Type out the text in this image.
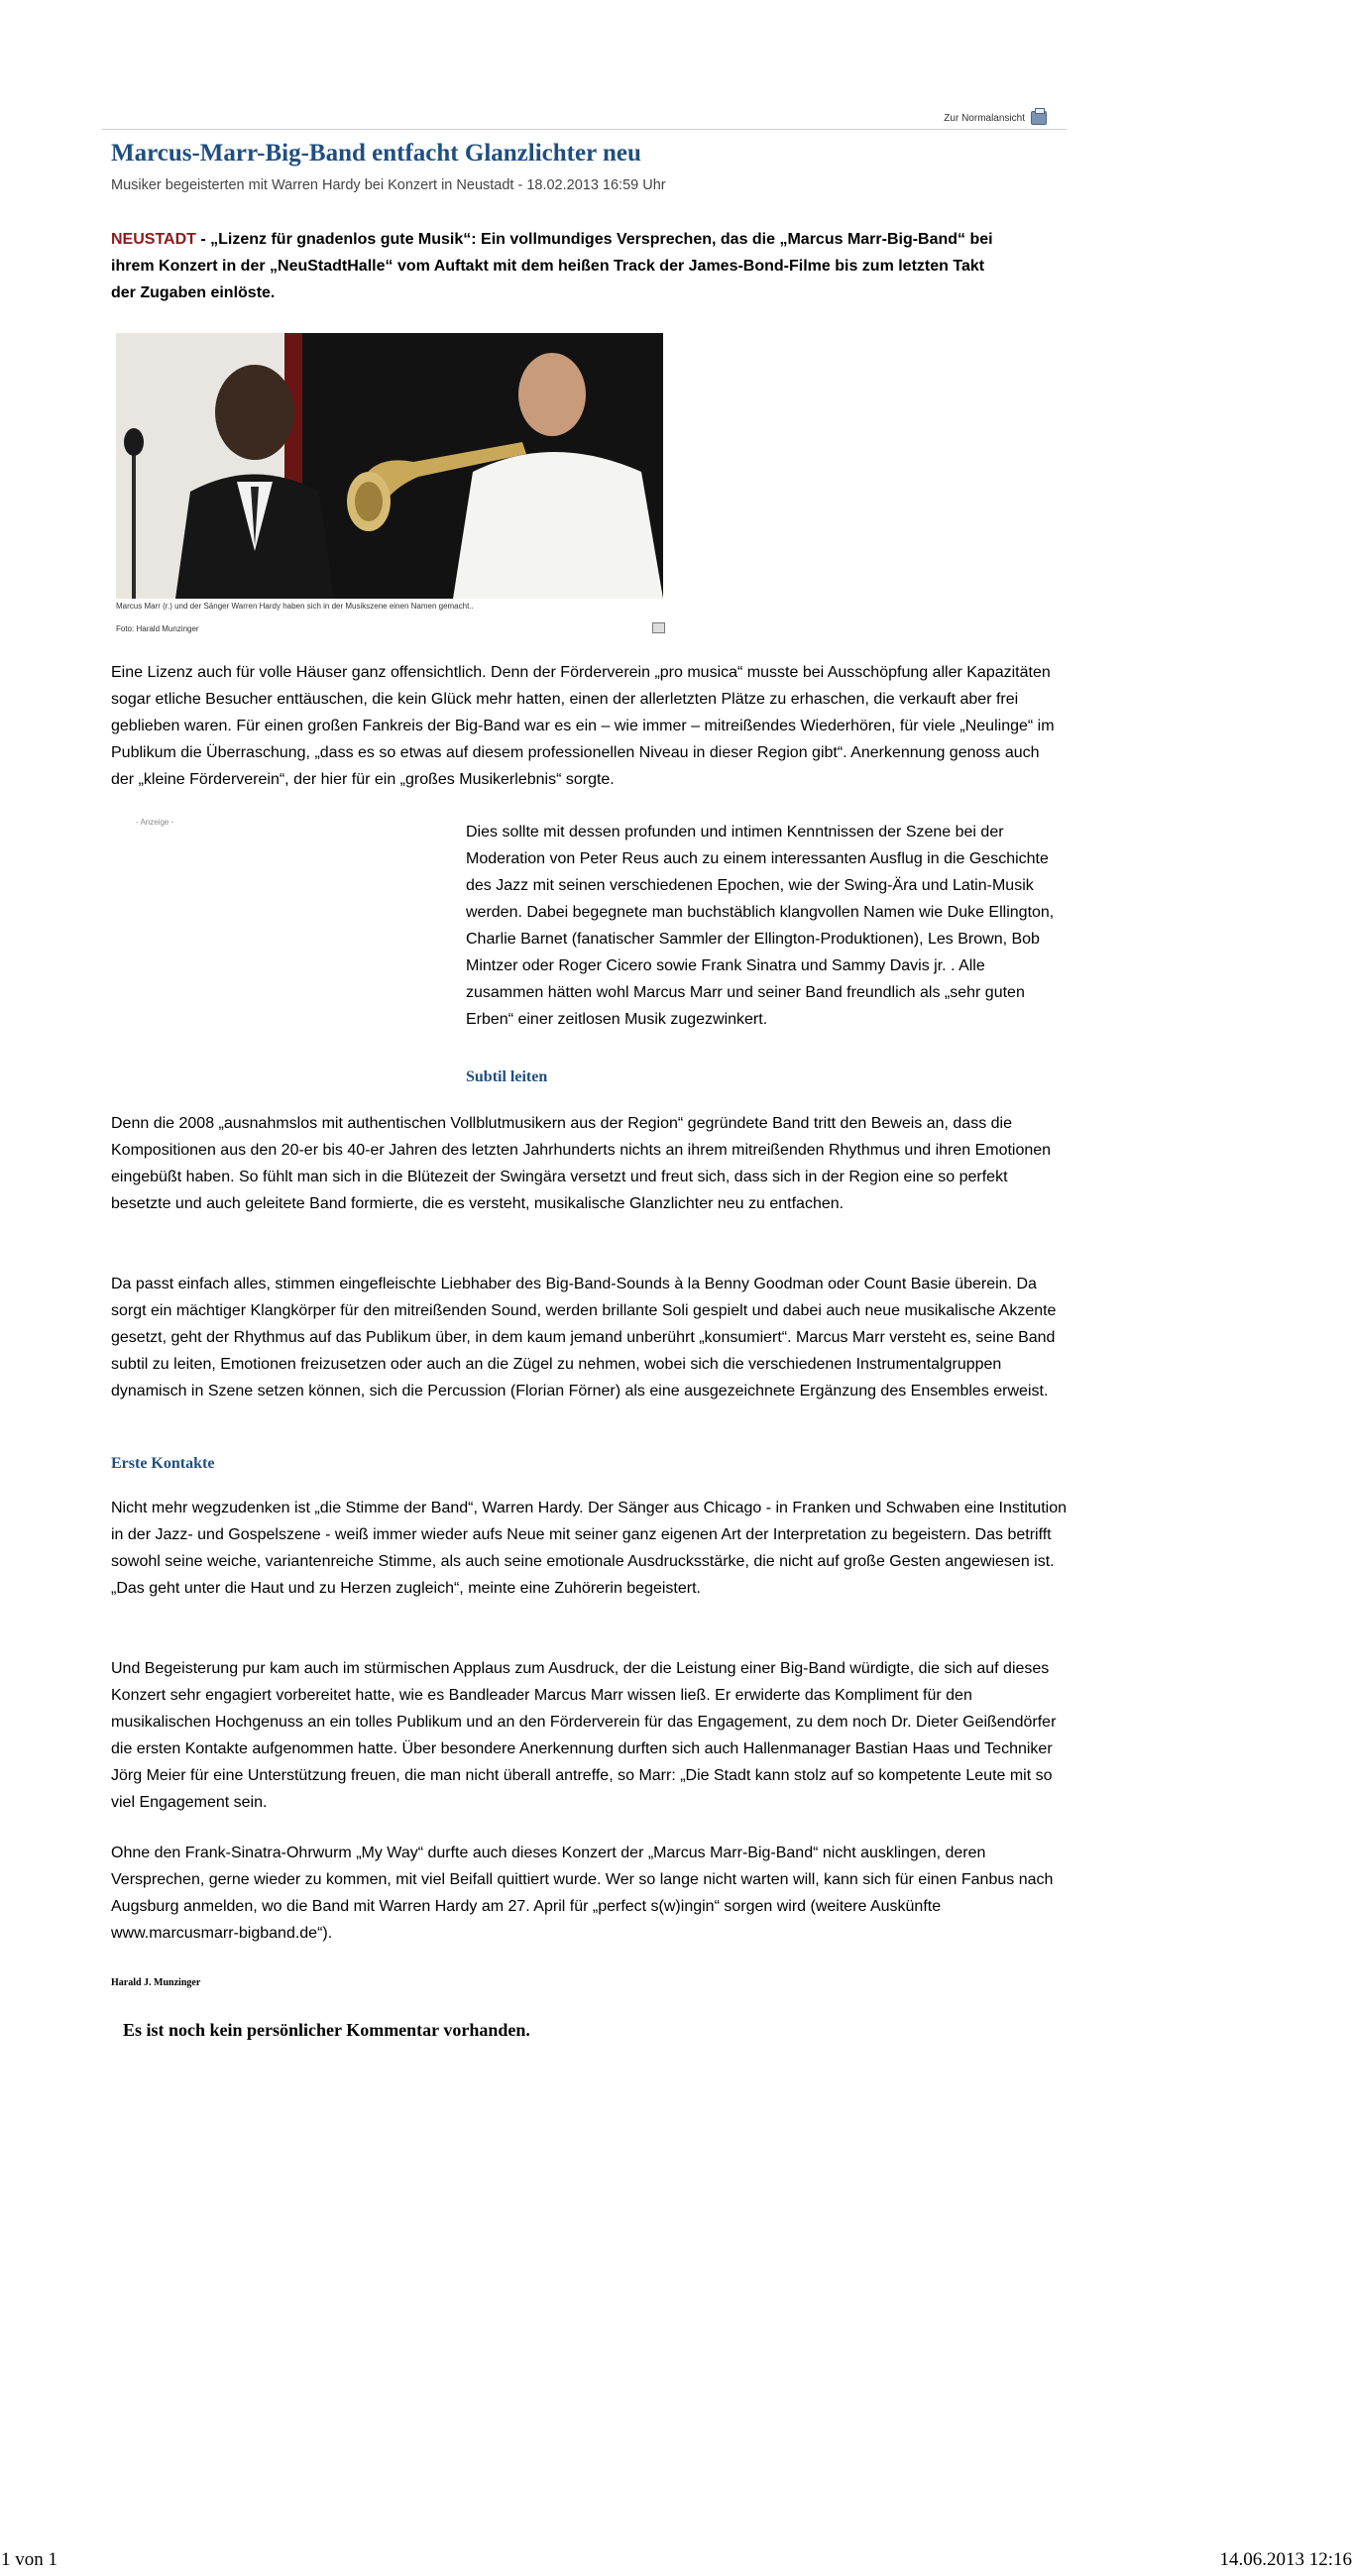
Zur Normalansicht
Marcus-Marr-Big-Band entfacht Glanzlichter neu
Musiker begeisterten mit Warren Hardy bei Konzert in Neustadt - 18.02.2013 16:59 Uhr
NEUSTADT - „Lizenz für gnadenlos gute Musik“: Ein vollmundiges Versprechen, das die „Marcus Marr-Big-Band“ bei ihrem Konzert in der „NeuStadtHalle“ vom Auftakt mit dem heißen Track der James-Bond-Filme bis zum letzten Takt der Zugaben einlöste.
Marcus Marr (r.) und der Sänger Warren Hardy haben sich in der Musikszene einen Namen gemacht..
Foto: Harald Munzinger

Eine Lizenz auch für volle Häuser ganz offensichtlich. Denn der Förderverein „pro musica“ musste bei Ausschöpfung aller Kapazitäten sogar etliche Besucher enttäuschen, die kein Glück mehr hatten, einen der allerletzten Plätze zu erhaschen, die verkauft aber frei geblieben waren. Für einen großen Fankreis der Big-Band war es ein – wie immer – mitreißendes Wiederhören, für viele „Neulinge“ im Publikum die Überraschung, „dass es so etwas auf diesem professionellen Niveau in dieser Region gibt“. Anerkennung genoss auch der „kleine Förderverein“, der hier für ein „großes Musikerlebnis“ sorgte.

- Anzeige -

Dies sollte mit dessen profunden und intimen Kenntnissen der Szene bei der Moderation von Peter Reus auch zu einem interessanten Ausflug in die Geschichte des Jazz mit seinen verschiedenen Epochen, wie der Swing-Ära und Latin-Musik werden. Dabei begegnete man buchstäblich klangvollen Namen wie Duke Ellington, Charlie Barnet (fanatischer Sammler der Ellington-Produktionen), Les Brown, Bob Mintzer oder Roger Cicero sowie Frank Sinatra und Sammy Davis jr. . Alle zusammen hätten wohl Marcus Marr und seiner Band freundlich als „sehr guten Erben“ einer zeitlosen Musik zugezwinkert.

Subtil leiten

Denn die 2008 „ausnahmslos mit authentischen Vollblutmusikern aus der Region“ gegründete Band tritt den Beweis an, dass die Kompositionen aus den 20-er bis 40-er Jahren des letzten Jahrhunderts nichts an ihrem mitreißenden Rhythmus und ihren Emotionen eingebüßt haben. So fühlt man sich in die Blütezeit der Swingära versetzt und freut sich, dass sich in der Region eine so perfekt besetzte und auch geleitete Band formierte, die es versteht, musikalische Glanzlichter neu zu entfachen.

Da passt einfach alles, stimmen eingefleischte Liebhaber des Big-Band-Sounds à la Benny Goodman oder Count Basie überein. Da sorgt ein mächtiger Klangkörper für den mitreißenden Sound, werden brillante Soli gespielt und dabei auch neue musikalische Akzente gesetzt, geht der Rhythmus auf das Publikum über, in dem kaum jemand unberührt „konsumiert“. Marcus Marr versteht es, seine Band subtil zu leiten, Emotionen freizusetzen oder auch an die Zügel zu nehmen, wobei sich die verschiedenen Instrumentalgruppen dynamisch in Szene setzen können, sich die Percussion (Florian Förner) als eine ausgezeichnete Ergänzung des Ensembles erweist.

Erste Kontakte

Nicht mehr wegzudenken ist „die Stimme der Band“, Warren Hardy. Der Sänger aus Chicago - in Franken und Schwaben eine Institution in der Jazz- und Gospelszene - weiß immer wieder aufs Neue mit seiner ganz eigenen Art der Interpretation zu begeistern. Das betrifft sowohl seine weiche, variantenreiche Stimme, als auch seine emotionale Ausdrucksstärke, die nicht auf große Gesten angewiesen ist. „Das geht unter die Haut und zu Herzen zugleich“, meinte eine Zuhörerin begeistert.

Und Begeisterung pur kam auch im stürmischen Applaus zum Ausdruck, der die Leistung einer Big-Band würdigte, die sich auf dieses Konzert sehr engagiert vorbereitet hatte, wie es Bandleader Marcus Marr wissen ließ. Er erwiderte das Kompliment für den musikalischen Hochgenuss an ein tolles Publikum und an den Förderverein für das Engagement, zu dem noch Dr. Dieter Geißendörfer die ersten Kontakte aufgenommen hatte. Über besondere Anerkennung durften sich auch Hallenmanager Bastian Haas und Techniker Jörg Meier für eine Unterstützung freuen, die man nicht überall antreffe, so Marr: „Die Stadt kann stolz auf so kompetente Leute mit so viel Engagement sein.

Ohne den Frank-Sinatra-Ohrwurm „My Way“ durfte auch dieses Konzert der „Marcus Marr-Big-Band“ nicht ausklingen, deren Versprechen, gerne wieder zu kommen, mit viel Beifall quittiert wurde. Wer so lange nicht warten will, kann sich für einen Fanbus nach Augsburg anmelden, wo die Band mit Warren Hardy am 27. April für „perfect s(w)ingin“ sorgen wird (weitere Auskünfte www.marcusmarr-bigband.de“).

Harald J. Munzinger
Es ist noch kein persönlicher Kommentar vorhanden.
1 von 1	14.06.2013 12:16
